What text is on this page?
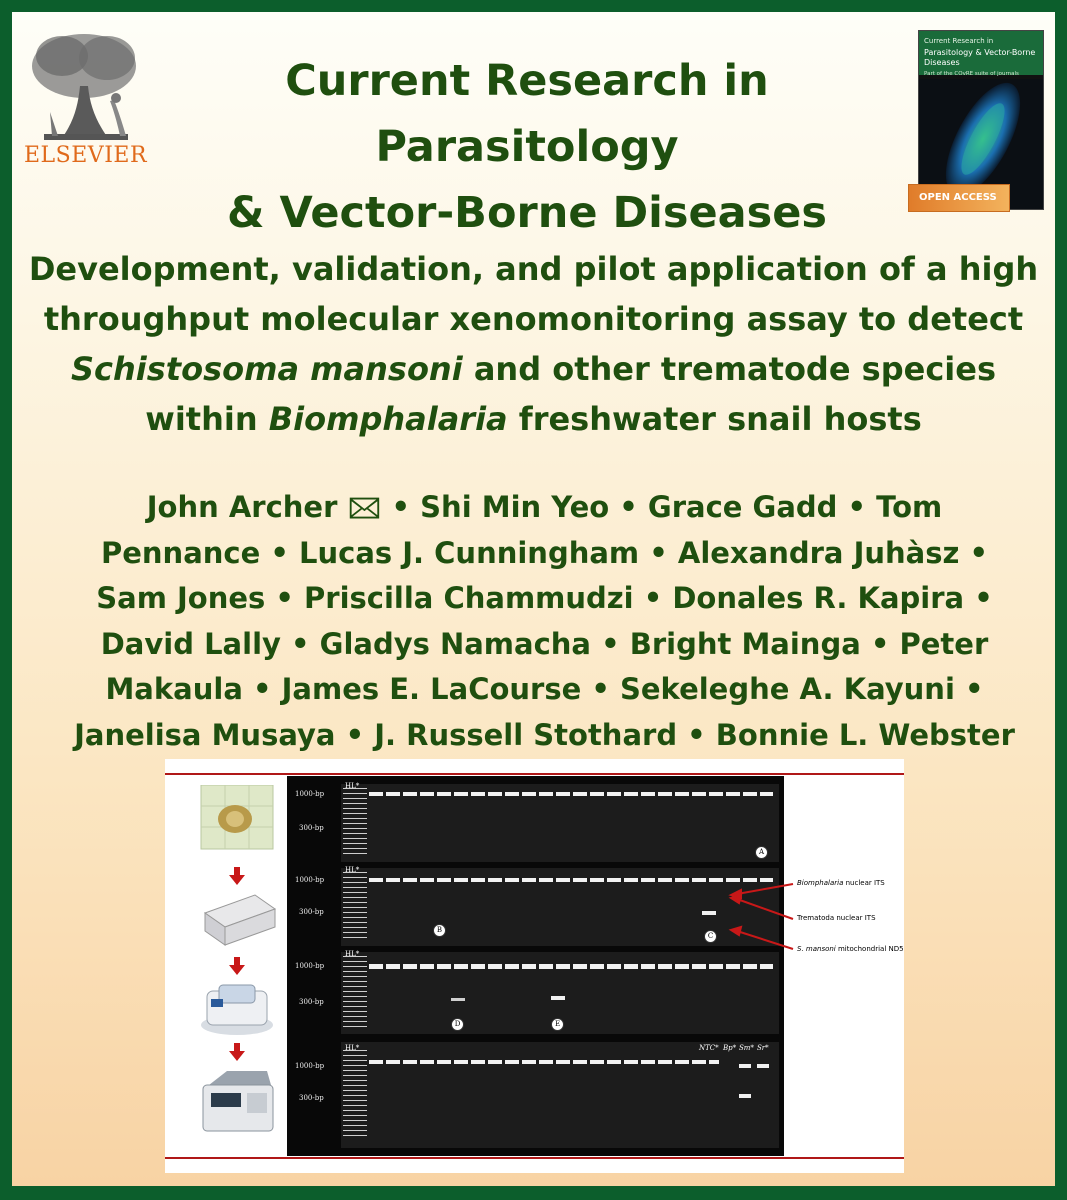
ELSEVIER
Current Research in Parasitology
& Vector-Borne Diseases
Current Research in
Parasitology & Vector-Borne Diseases
Part of the COvRE suite of journals
OPEN ACCESS
Development, validation, and pilot application of a high
throughput molecular xenomonitoring assay to detect
Schistosoma mansoni and other trematode species
within Biomphalaria freshwater snail hosts
John Archer 🖂 • Shi Min Yeo • Grace Gadd • Tom Pennance • Lucas J. Cunningham • Alexandra Juhàsz • Sam Jones • Priscilla Chammudzi • Donales R. Kapira • David Lally • Gladys Namacha • Bright Mainga • Peter Makaula • James E. LaCourse • Sekeleghe A. Kayuni • Janelisa Musaya • J. Russell Stothard • Bonnie L. Webster
HL*
A
1000-bp
300-bp
HL*
B
C
1000-bp
300-bp
HL*
D	E
1000-bp
300-bp
HL*	NTC* Bp* Sm* Sr*
1000-bp
300-bp
Biomphalaria nuclear ITS
Trematoda nuclear ITS
S. mansoni mitochondrial ND5
